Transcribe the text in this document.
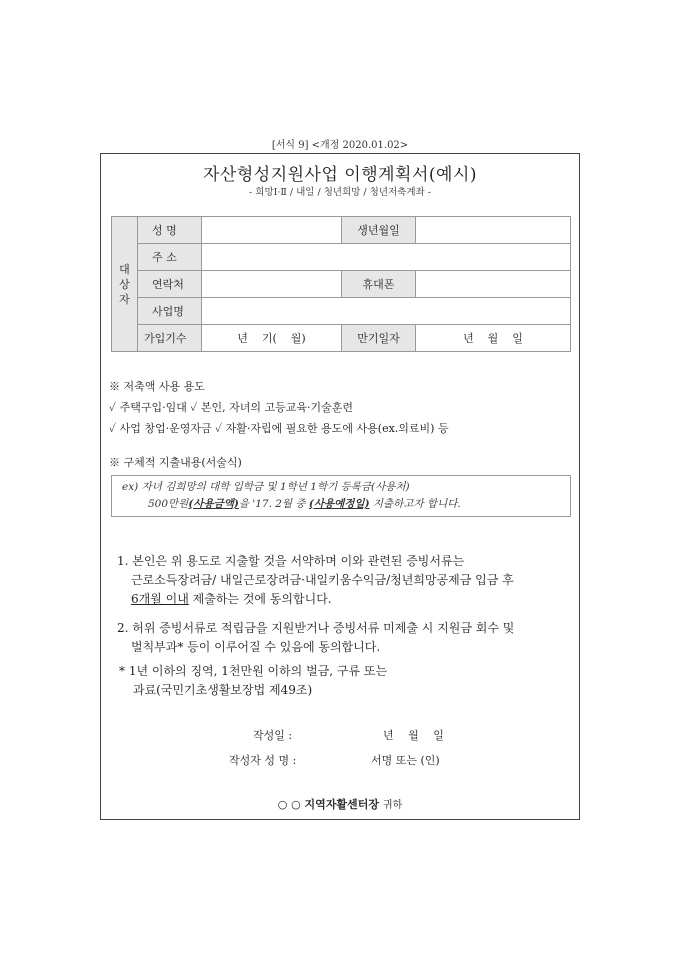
[서식 9] <개정 2020.01.02>
자산형성지원사업 이행계획서(예시)
- 희망Ⅰ·Ⅱ / 내일 / 청년희망 / 청년저축계좌 -
대
상
자	성 명		생년월일	
	주 소			
	연락처		휴대폰	
	사업명			
	가입기수	년    기(    월)	만기일자	년    월    일
※ 저축액 사용 용도
✓ 주택구입·임대 ✓ 본인, 자녀의 고등교육·기술훈련
✓ 사업 창업·운영자금 ✓ 자활·자립에 필요한 용도에 사용(ex.의료비) 등
※ 구체적 지출내용(서술식)
ex) 자녀 김희망의 대학 입학금 및 1학년 1학기 등록금(사용처)
500만원(사용금액)을 '17. 2월 중 (사용예정일) 지출하고자 합니다.
1. 본인은 위 용도로 지출할 것을 서약하며 이와 관련된 증빙서류는
근로소득장려금/ 내일근로장려금·내일키움수익금/청년희망공제금 입금 후
6개월 이내 제출하는 것에 동의합니다.
2. 허위 증빙서류로 적립금을 지원받거나 증빙서류 미제출 시 지원금 회수 및
벌칙부과* 등이 이루어질 수 있음에 동의합니다.
* 1년 이하의 징역, 1천만원 이하의 벌금, 구류 또는
과료(국민기초생활보장법 제49조)
작성일 :	년   월   일
작성자 성 명 :	서명 또는 (인)
○ ○ 지역자활센터장 귀하
